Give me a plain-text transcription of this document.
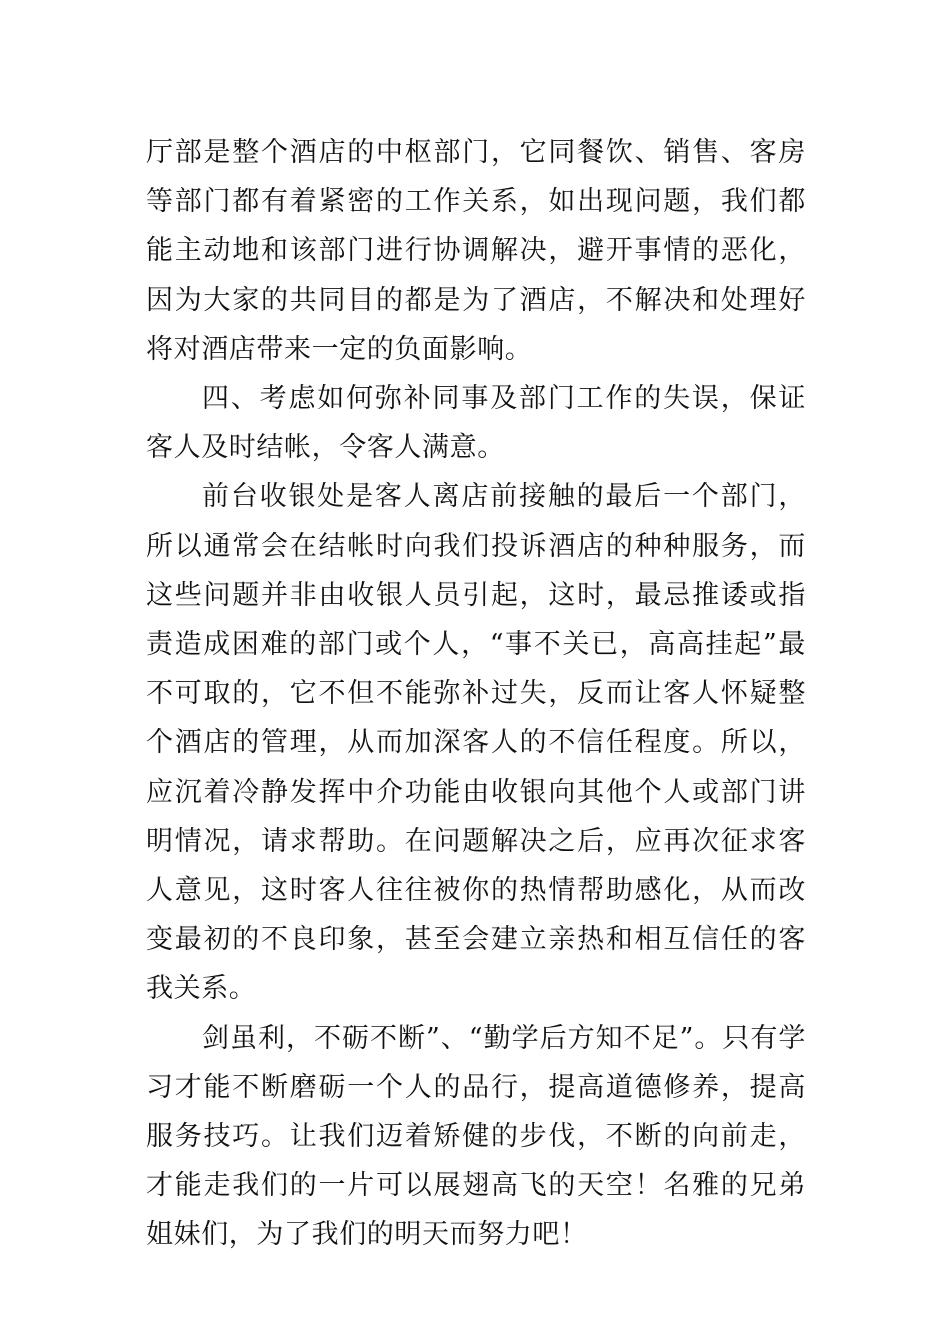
厅部是整个酒店的中枢部门，它同餐饮、销售、客房等部门都有着紧密的工作关系，如出现问题，我们都能主动地和该部门进行协调解决，避开事情的恶化，因为大家的共同目的都是为了酒店，不解决和处理好将对酒店带来一定的负面影响。

四、考虑如何弥补同事及部门工作的失误，保证客人及时结帐，令客人满意。

前台收银处是客人离店前接触的最后一个部门，所以通常会在结帐时向我们投诉酒店的种种服务，而这些问题并非由收银人员引起，这时，最忌推诿或指责造成困难的部门或个人，“事不关已，高高挂起”最不可取的，它不但不能弥补过失，反而让客人怀疑整个酒店的管理，从而加深客人的不信任程度。所以，应沉着冷静发挥中介功能由收银向其他个人或部门讲明情况，请求帮助。在问题解决之后，应再次征求客人意见，这时客人往往被你的热情帮助感化，从而改变最初的不良印象，甚至会建立亲热和相互信任的客我关系。

剑虽利，不砺不断”、“勤学后方知不足”。只有学习才能不断磨砺一个人的品行，提高道德修养，提高服务技巧。让我们迈着矫健的步伐，不断的向前走，才能走我们的一片可以展翅高飞的天空！名雅的兄弟姐妹们，为了我们的明天而努力吧！
